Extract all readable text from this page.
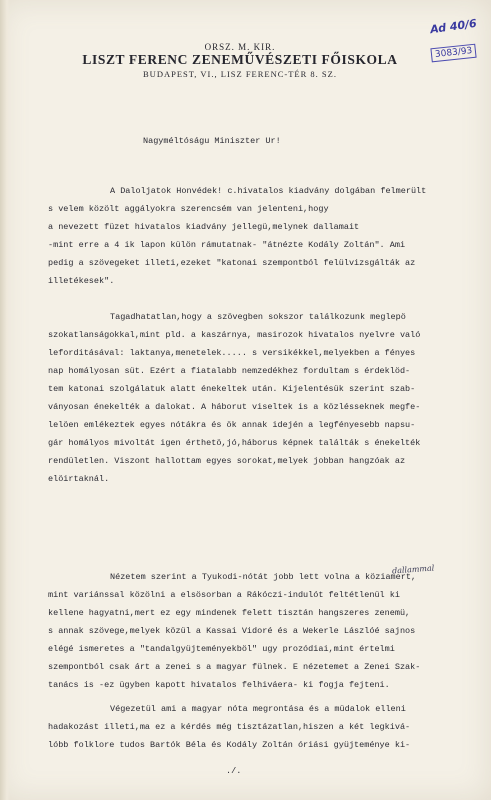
ORSZ. M. KIR.
LISZT FERENC ZENEMŰVÉSZETI FŐISKOLA
BUDAPEST, VI., LISZ FERENC-TÉR 8. SZ.
Ad 40/6
3083/93
Nagyméltóságu Miniszter Ur!
A Daloljatok Honvédek! c.hivatalos kiadvány dolgában felmerült
s velem közölt aggályokra szerencsém van jelenteni,hogy
a nevezett füzet hivatalos kiadvány jellegü,melynek dallamait
-mint erre a 4 ik lapon külön rámutatnak- "átnézte Kodály Zoltán". Ami
pedig a szövegeket illeti,ezeket "katonai szempontból felülvizsgálták az
illetékesek".
Tagadhatatlan,hogy a szövegben sokszor találkozunk meglepö
szokatlanságokkal,mint pld. a kaszárnya, masirozok hivatalos nyelvre való
leforditásával: laktanya,menetelek..... s versikékkel,melyekben a fényes
nap homályosan süt. Ezért a fiatalabb nemzedékhez fordultam s érdeklöd-
tem katonai szolgálatuk alatt énekeltek után. Kijelentésük szerint szab-
ványosan énekelték a dalokat. A háborut viseltek is a közlésseknek megfe-
lelöen emlékeztek egyes nótákra és ök annak idején a legfényesebb napsu-
gár homályos mivoltát igen érthetö,jó,háborus képnek találták s énekelték
rendületlen. Viszont hallottam egyes sorokat,melyek jobban hangzóak az
elöirtaknál.
Nézetem szerint a Tyukodi-nótát jobb lett volna a köziamert,
mint variánssal közölni a elsösorban a Rákóczi-indulót feltétlenül ki
kellene hagyatni,mert ez egy mindenek felett tisztán hangszeres zenemü,
s annak szövege,melyek közül a Kassai Vidoré és a Wekerle Lászlóé sajnos
elégé ismeretes a "tandalgyüjteményekböl" ugy prozódiai,mint értelmi
szempontból csak árt a zenei s a magyar fülnek. E nézetemet a Zenei Szak-
tanács is -ez ügyben kapott hivatalos felhiváera- ki fogja fejteni.
Végezetül ami a magyar nóta megrontása és a müdalok elleni
hadakozást illeti,ma ez a kérdés még tisztázatlan,hiszen a két legkivá-
lóbb folklore tudos Bartók Béla és Kodály Zoltán óriási gyüjteménye ki-
dallammal
./.
